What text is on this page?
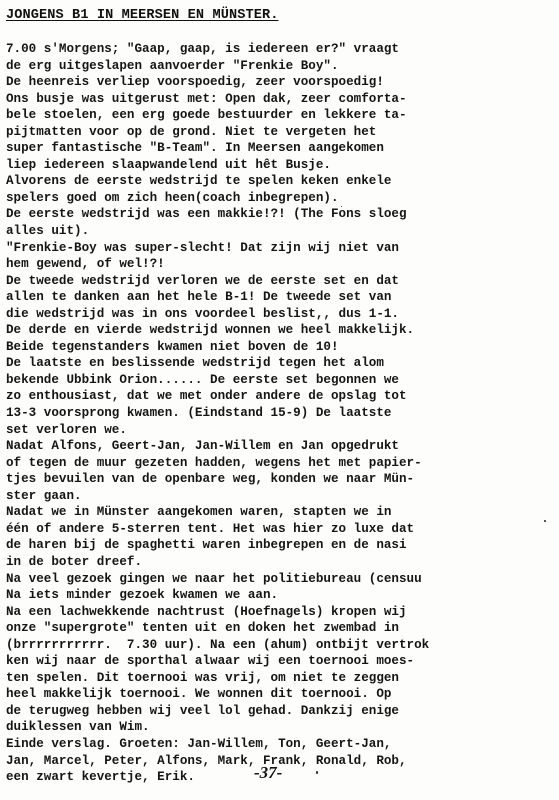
JONGENS B1 IN MEERSEN EN MÜNSTER.
7.00 s'Morgens; "Gaap, gaap, is iedereen er?" vraagt
de erg uitgeslapen aanvoerder "Frenkie Boy".
De heenreis verliep voorspoedig, zeer voorspoedig!
Ons busje was uitgerust met: Open dak, zeer comforta-
bele stoelen, een erg goede bestuurder en lekkere ta-
pijtmatten voor op de grond. Niet te vergeten het
super fantastische "B-Team". In Meersen aangekomen
liep iedereen slaapwandelend uit hêt Busje.
Alvorens de eerste wedstrijd te spelen keken enkele
spelers goed om zich heen(coach inbegrepen).
De eerste wedstrijd was een makkie!?! (The Fons sloeg
alles uit).
"Frenkie-Boy was super-slecht! Dat zijn wij niet van
hem gewend, of wel!?!
De tweede wedstrijd verloren we de eerste set en dat
allen te danken aan het hele B-1! De tweede set van
die wedstrijd was in ons voordeel beslist,, dus 1-1.
De derde en vierde wedstrijd wonnen we heel makkelijk.
Beide tegenstanders kwamen niet boven de 10!
De laatste en beslissende wedstrijd tegen het alom
bekende Ubbink Orion...... De eerste set begonnen we
zo enthousiast, dat we met onder andere de opslag tot
13-3 voorsprong kwamen. (Eindstand 15-9) De laatste
set verloren we.
Nadat Alfons, Geert-Jan, Jan-Willem en Jan opgedrukt
of tegen de muur gezeten hadden, wegens het met papier-
tjes bevuilen van de openbare weg, konden we naar Mün-
ster gaan.
Nadat we in Münster aangekomen waren, stapten we in
één of andere 5-sterren tent. Het was hier zo luxe dat
de haren bij de spaghetti waren inbegrepen en de nasi
in de boter dreef.
Na veel gezoek gingen we naar het politiebureau (censuu
Na iets minder gezoek kwamen we aan.
Na een lachwekkende nachtrust (Hoefnagels) kropen wij
onze "supergrote" tenten uit en doken het zwembad in
(brrrrrrrrrrr.  7.30 uur). Na een (ahum) ontbijt vertrok
ken wij naar de sporthal alwaar wij een toernooi moes-
ten spelen. Dit toernooi was vrij, om niet te zeggen
heel makkelijk toernooi. We wonnen dit toernooi. Op
de terugweg hebben wij veel lol gehad. Dankzij enige
duiklessen van Wim.
Einde verslag. Groeten: Jan-Willem, Ton, Geert-Jan,
Jan, Marcel, Peter, Alfons, Mark, Frank, Ronald, Rob,
een zwart kevertje, Erik.	-37-
